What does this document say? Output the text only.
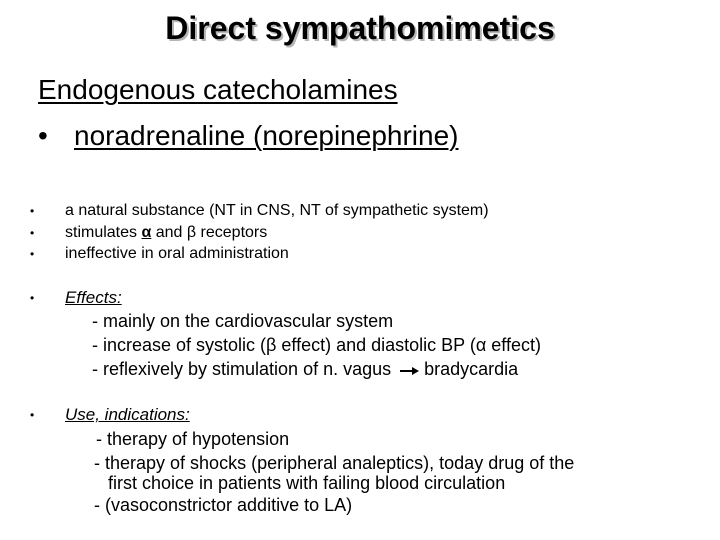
Direct sympathomimetics
Endogenous catecholamines
• noradrenaline (norepinephrine)
• a natural substance (NT in CNS, NT of sympathetic system)
• stimulates α and β receptors
• ineffective in oral administration
• Effects:
- mainly on the cardiovascular system
- increase of systolic (β effect) and diastolic BP (α effect)
- reflexively by stimulation of n. vagus bradycardia
• Use, indications:
- therapy of hypotension
- therapy of shocks (peripheral analeptics), today drug of the
first choice in patients with failing blood circulation
- (vasoconstrictor additive to LA)
